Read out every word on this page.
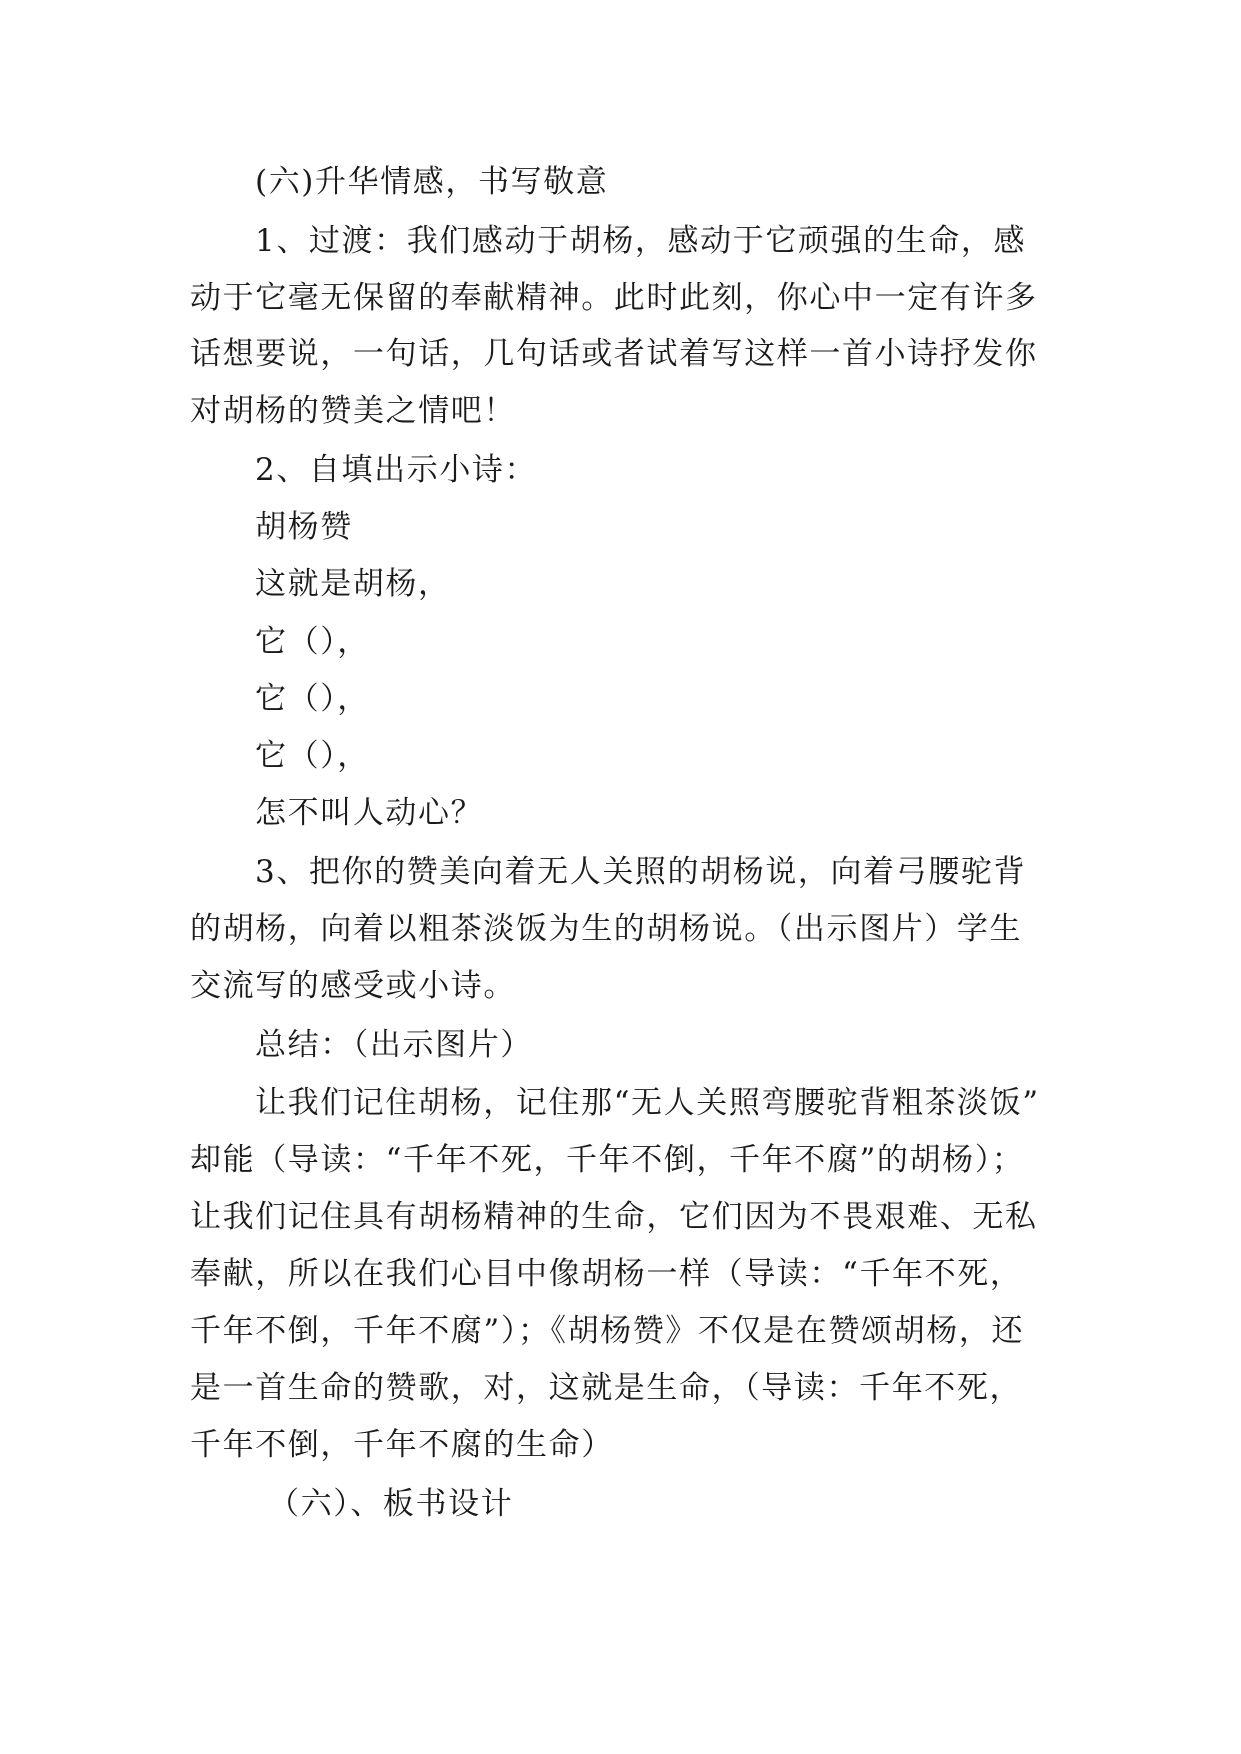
(六)升华情感，书写敬意
1、过渡：我们感动于胡杨，感动于它顽强的生命，感
动于它毫无保留的奉献精神。此时此刻，你心中一定有许多
话想要说，一句话，几句话或者试着写这样一首小诗抒发你
对胡杨的赞美之情吧！
2、自填出示小诗：
胡杨赞
这就是胡杨，
它（），
它（），
它（），
怎不叫人动心？
3、把你的赞美向着无人关照的胡杨说，向着弓腰驼背
的胡杨，向着以粗茶淡饭为生的胡杨说。（出示图片）学生
交流写的感受或小诗。
总结：（出示图片）
让我们记住胡杨，记住那“无人关照弯腰驼背粗茶淡饭”
却能（导读：“千年不死，千年不倒，千年不腐”的胡杨）；
让我们记住具有胡杨精神的生命，它们因为不畏艰难、无私
奉献，所以在我们心目中像胡杨一样（导读：“千年不死，
千年不倒，千年不腐”）；《胡杨赞》不仅是在赞颂胡杨，还
是一首生命的赞歌，对，这就是生命，（导读：千年不死，
千年不倒，千年不腐的生命）
（六）、板书设计
